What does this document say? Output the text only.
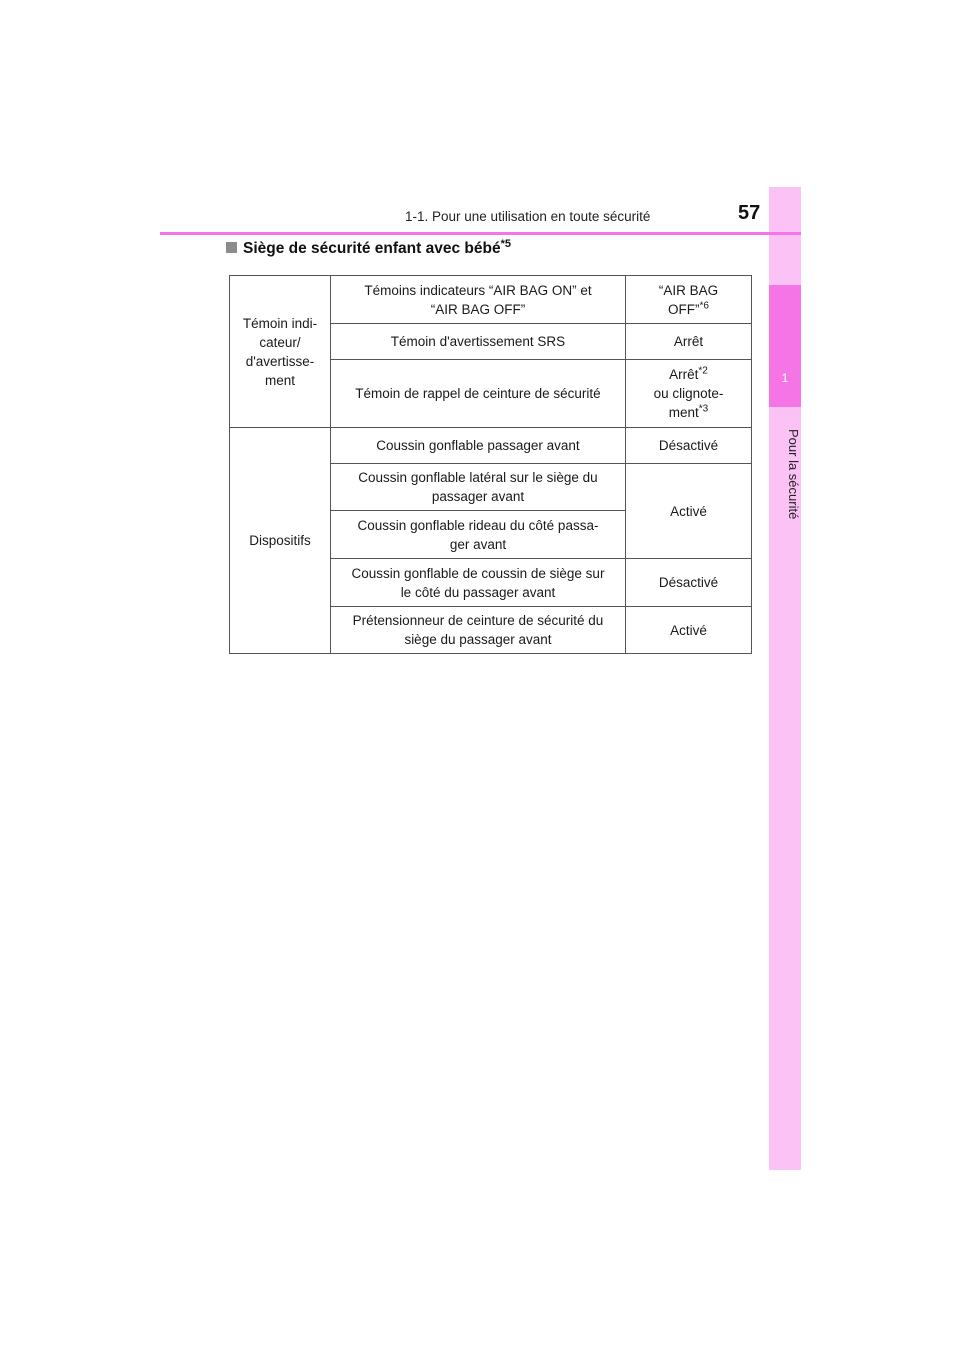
1
Pour la sécurité
1-1. Pour une utilisation en toute sécurité	57
Siège de sécurité enfant avec bébé$^{*5}$
Témoin indi-
cateur/
d'avertisse-
ment	Témoins indicateurs “AIR BAG ON” et
“AIR BAG OFF”	“AIR BAG
OFF”$^{*6}$

	Témoin d'avertissement SRS	Arrêt
	Témoin de rappel de ceinture de sécurité	Arrêt$^{*2}$
ou clignote-
ment$^{*3}$

Dispositifs	Coussin gonflable passager avant	Désactivé

	Coussin gonflable latéral sur le siège du
passager avant	Activé

	Coussin gonflable rideau du côté passa-
ger avant	

	Coussin gonflable de coussin de siège sur
le côté du passager avant	Désactivé

	Prétensionneur de ceinture de sécurité du
siège du passager avant	Activé
